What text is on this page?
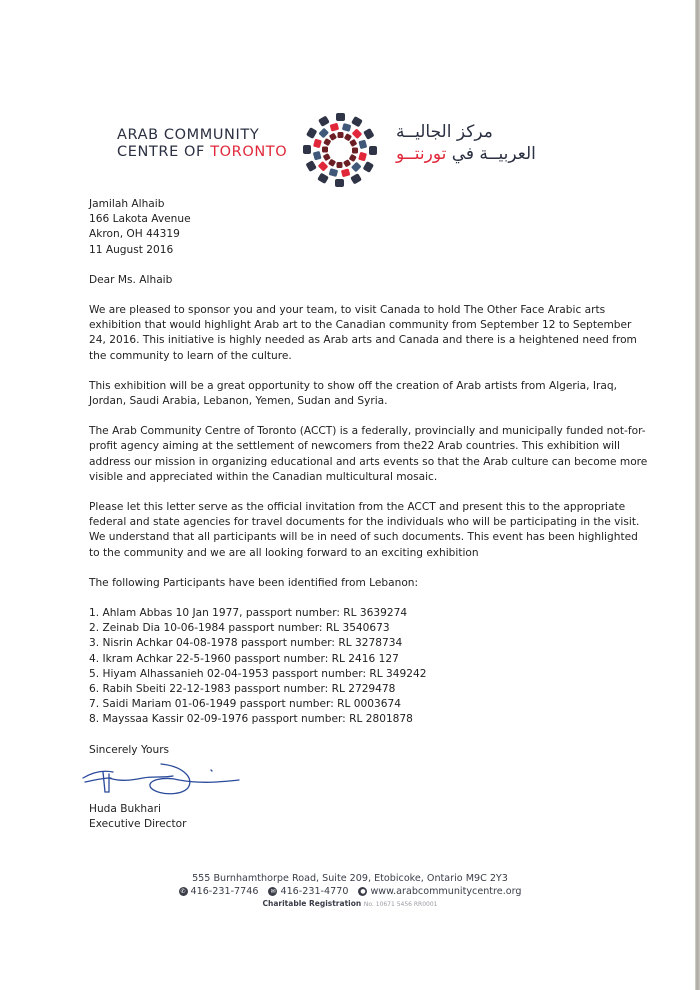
ARAB COMMUNITY
CENTRE OF TORONTO
مركز الجاليــة
العربيــة في تورنتــو
Jamilah Alhaib
166 Lakota Avenue
Akron, OH 44319
11 August 2016

Dear Ms. Alhaib

We are pleased to sponsor you and your team, to visit Canada to hold The Other Face Arabic arts exhibition that would highlight Arab art to the Canadian community from September 12 to September 24, 2016. This initiative is highly needed as Arab arts and Canada and there is a heightened need from the community to learn of the culture.

This exhibition will be a great opportunity to show off the creation of Arab artists from Algeria, Iraq, Jordan, Saudi Arabia, Lebanon, Yemen, Sudan and Syria.

The Arab Community Centre of Toronto (ACCT) is a federally, provincially and municipally funded not-for-profit agency aiming at the settlement of newcomers from the22 Arab countries. This exhibition will address our mission in organizing educational and arts events so that the Arab culture can become more visible and appreciated within the Canadian multicultural mosaic.

Please let this letter serve as the official invitation from the ACCT and present this to the appropriate federal and state agencies for travel documents for the individuals who will be participating in the visit. We understand that all participants will be in need of such documents. This event has been highlighted to the community and we are all looking forward to an exciting exhibition

The following Participants have been identified from Lebanon:

1. Ahlam Abbas 10 Jan 1977, passport number: RL 3639274
2. Zeinab Dia 10-06-1984 passport number: RL 3540673
3. Nisrin Achkar 04-08-1978 passport number: RL 3278734
4. Ikram Achkar 22-5-1960 passport number: RL 2416 127
5. Hiyam Alhassanieh 02-04-1953 passport number: RL 349242
6. Rabih Sbeiti 22-12-1983 passport number: RL 2729478
7. Saidi Mariam 01-06-1949 passport number: RL 0003674
8. Mayssaa Kassir 02-09-1976 passport number: RL 2801878

Sincerely Yours

Huda Bukhari

Executive Director

555 Burnhamthorpe Road, Suite 209, Etobicoke, Ontario M9C 2Y3
✆ 416-231-7746	✉ 416-231-4770	● www.arabcommunitycentre.org
Charitable Registration No. 10671 5456 RR0001
